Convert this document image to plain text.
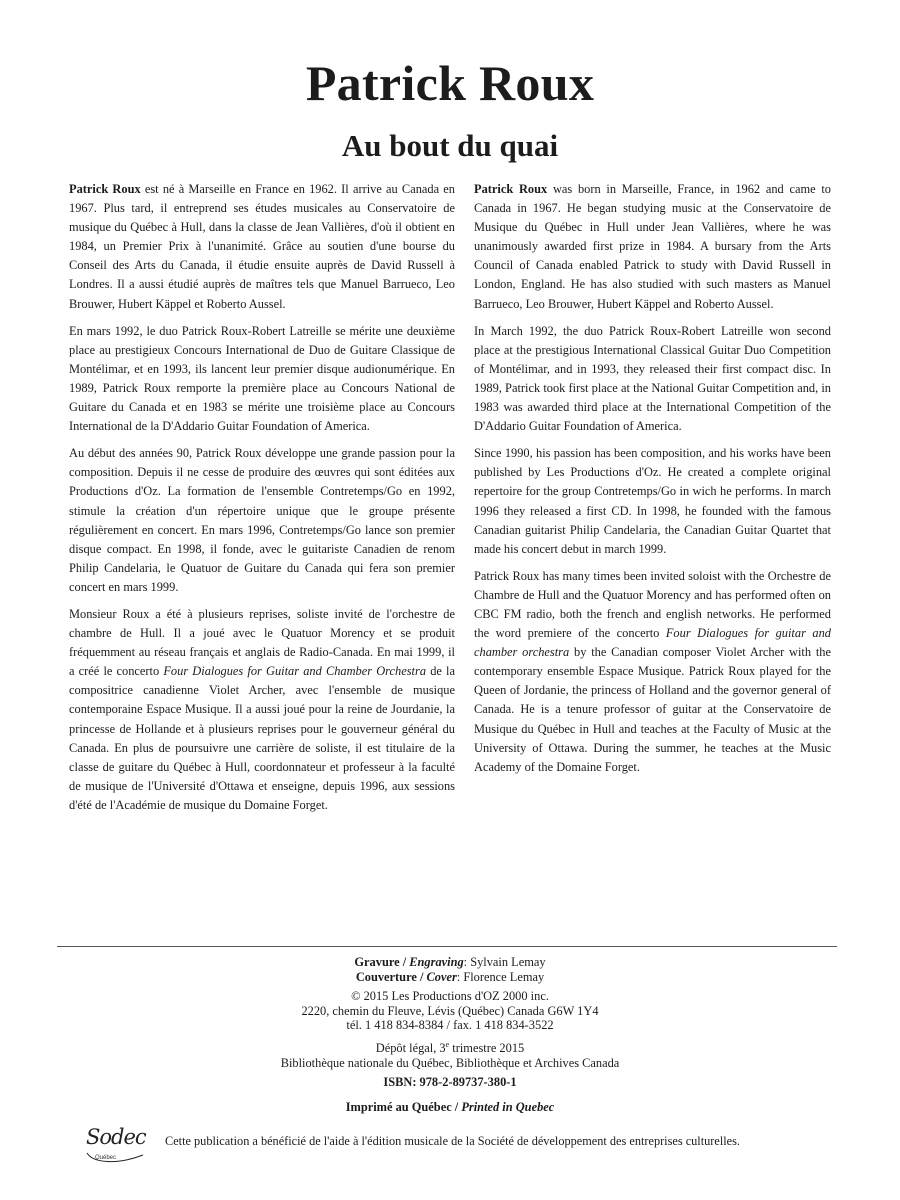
Patrick Roux
Au bout du quai

Patrick Roux est né à Marseille en France en 1962. Il arrive au Canada en 1967. Plus tard, il entreprend ses études musicales au Conservatoire de musique du Québec à Hull, dans la classe de Jean Vallières, d'où il obtient en 1984, un Premier Prix à l'unanimité. Grâce au soutien d'une bourse du Conseil des Arts du Canada, il étudie ensuite auprès de David Russell à Londres. Il a aussi étudié auprès de maîtres tels que Manuel Barrueco, Leo Brouwer, Hubert Käppel et Roberto Aussel.

En mars 1992, le duo Patrick Roux-Robert Latreille se mérite une deuxième place au prestigieux Concours International de Duo de Guitare Classique de Montélimar, et en 1993, ils lancent leur premier disque audionumérique. En 1989, Patrick Roux remporte la première place au Concours National de Guitare du Canada et en 1983 se mérite une troisième place au Concours International de la D'Addario Guitar Foundation of America.

Au début des années 90, Patrick Roux développe une grande passion pour la composition. Depuis il ne cesse de produire des œuvres qui sont éditées aux Productions d'Oz. La formation de l'ensemble Contretemps/Go en 1992, stimule la création d'un répertoire unique que le groupe présente régulièrement en concert. En mars 1996, Contretemps/Go lance son premier disque compact. En 1998, il fonde, avec le guitariste Canadien de renom Philip Candelaria, le Quatuor de Guitare du Canada qui fera son premier concert en mars 1999.

Monsieur Roux a été à plusieurs reprises, soliste invité de l'orchestre de chambre de Hull. Il a joué avec le Quatuor Morency et se produit fréquemment au réseau français et anglais de Radio-Canada. En mai 1999, il a créé le concerto Four Dialogues for Guitar and Chamber Orchestra de la compositrice canadienne Violet Archer, avec l'ensemble de musique contemporaine Espace Musique. Il a aussi joué pour la reine de Jourdanie, la princesse de Hollande et à plusieurs reprises pour le gouverneur général du Canada. En plus de poursuivre une carrière de soliste, il est titulaire de la classe de guitare du Québec à Hull, coordonnateur et professeur à la faculté de musique de l'Université d'Ottawa et enseigne, depuis 1996, aux sessions d'été de l'Académie de musique du Domaine Forget.

Patrick Roux was born in Marseille, France, in 1962 and came to Canada in 1967. He began studying music at the Conservatoire de Musique du Québec in Hull under Jean Vallières, where he was unanimously awarded first prize in 1984. A bursary from the Arts Council of Canada enabled Patrick to study with David Russell in London, England. He has also studied with such masters as Manuel Barrueco, Leo Brouwer, Hubert Käppel and Roberto Aussel.

In March 1992, the duo Patrick Roux-Robert Latreille won second place at the prestigious International Classical Guitar Duo Competition of Montélimar, and in 1993, they released their first compact disc. In 1989, Patrick took first place at the National Guitar Competition and, in 1983 was awarded third place at the International Competition of the D'Addario Guitar Foundation of America.

Since 1990, his passion has been composition, and his works have been published by Les Productions d'Oz. He created a complete original repertoire for the group Contretemps/Go in wich he performs. In march 1996 they released a first CD. In 1998, he founded with the famous Canadian guitarist Philip Candelaria, the Canadian Guitar Quartet that made his concert debut in march 1999.

Patrick Roux has many times been invited soloist with the Orchestre de Chambre de Hull and the Quatuor Morency and has performed often on CBC FM radio, both the french and english networks. He performed the word premiere of the concerto Four Dialogues for guitar and chamber orchestra by the Canadian composer Violet Archer with the contemporary ensemble Espace Musique. Patrick Roux played for the Queen of Jordanie, the princess of Holland and the governor general of Canada. He is a tenure professor of guitar at the Conservatoire de Musique du Québec in Hull and teaches at the Faculty of Music at the University of Ottawa. During the summer, he teaches at the Music Academy of the Domaine Forget.

Gravure / Engraving: Sylvain Lemay
Couverture / Cover: Florence Lemay
© 2015 Les Productions d'OZ 2000 inc.
2220, chemin du Fleuve, Lévis (Québec) Canada G6W 1Y4
tél. 1 418 834-8384 / fax. 1 418 834-3522
Dépôt légal, 3e trimestre 2015
Bibliothèque nationale du Québec, Bibliothèque et Archives Canada
ISBN: 978-2-89737-380-1
Imprimé au Québec / Printed in Quebec
Sodec
Québec
Cette publication a bénéficié de l'aide à l'édition musicale de la Société de développement des entreprises culturelles.
